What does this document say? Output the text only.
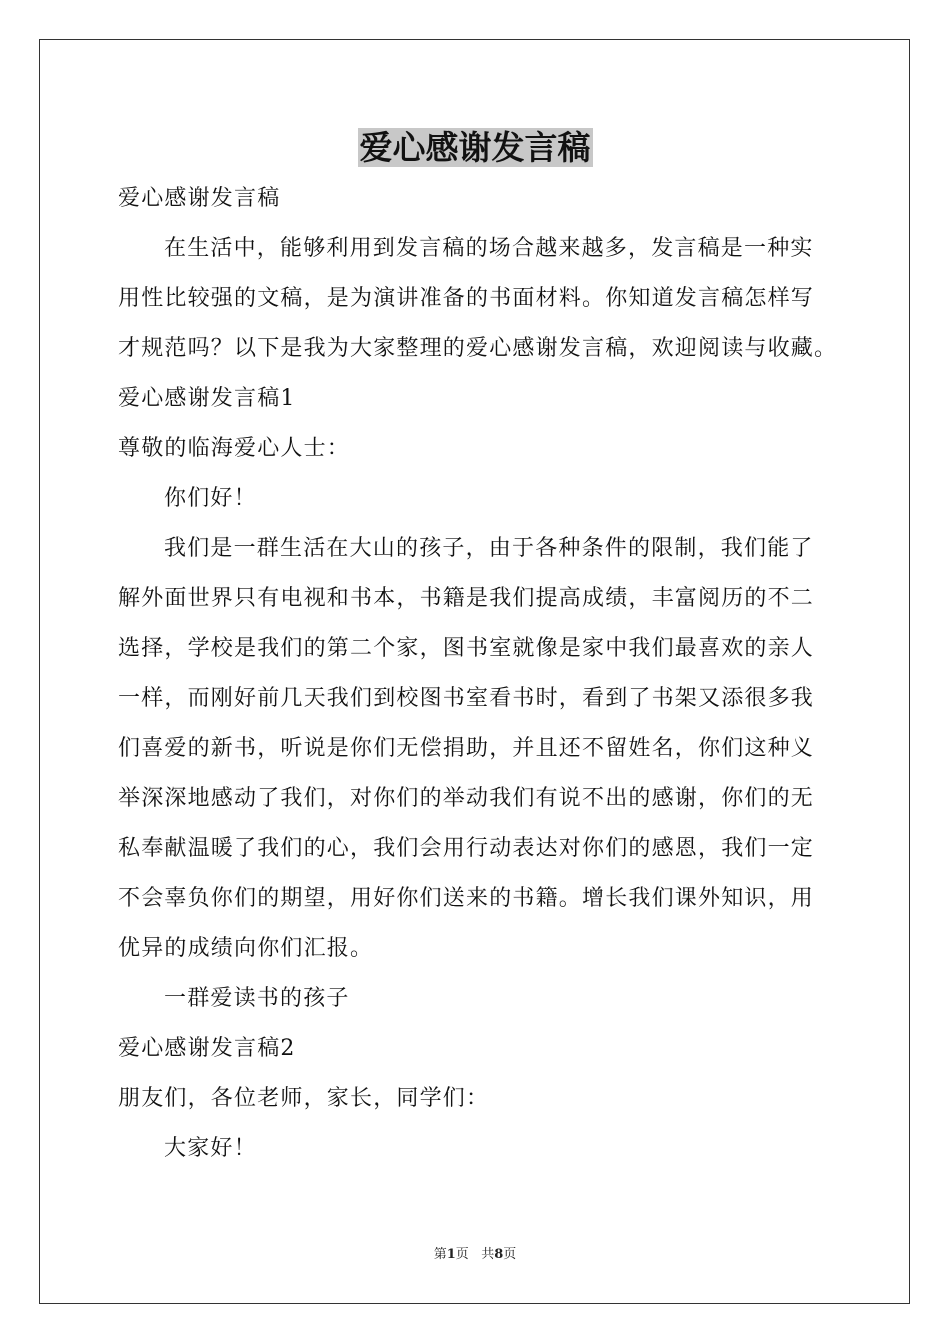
爱心感谢发言稿
爱心感谢发言稿
在生活中，能够利用到发言稿的场合越来越多，发言稿是一种实
用性比较强的文稿，是为演讲准备的书面材料。你知道发言稿怎样写
才规范吗？以下是我为大家整理的爱心感谢发言稿，欢迎阅读与收藏。
爱心感谢发言稿1
尊敬的临海爱心人士：
你们好！
我们是一群生活在大山的孩子，由于各种条件的限制，我们能了
解外面世界只有电视和书本，书籍是我们提高成绩，丰富阅历的不二
选择，学校是我们的第二个家，图书室就像是家中我们最喜欢的亲人
一样，而刚好前几天我们到校图书室看书时，看到了书架又添很多我
们喜爱的新书，听说是你们无偿捐助，并且还不留姓名，你们这种义
举深深地感动了我们，对你们的举动我们有说不出的感谢，你们的无
私奉献温暖了我们的心，我们会用行动表达对你们的感恩，我们一定
不会辜负你们的期望，用好你们送来的书籍。增长我们课外知识，用
优异的成绩向你们汇报。
一群爱读书的孩子
爱心感谢发言稿2
朋友们，各位老师，家长，同学们：
大家好！
第1页 共8页
